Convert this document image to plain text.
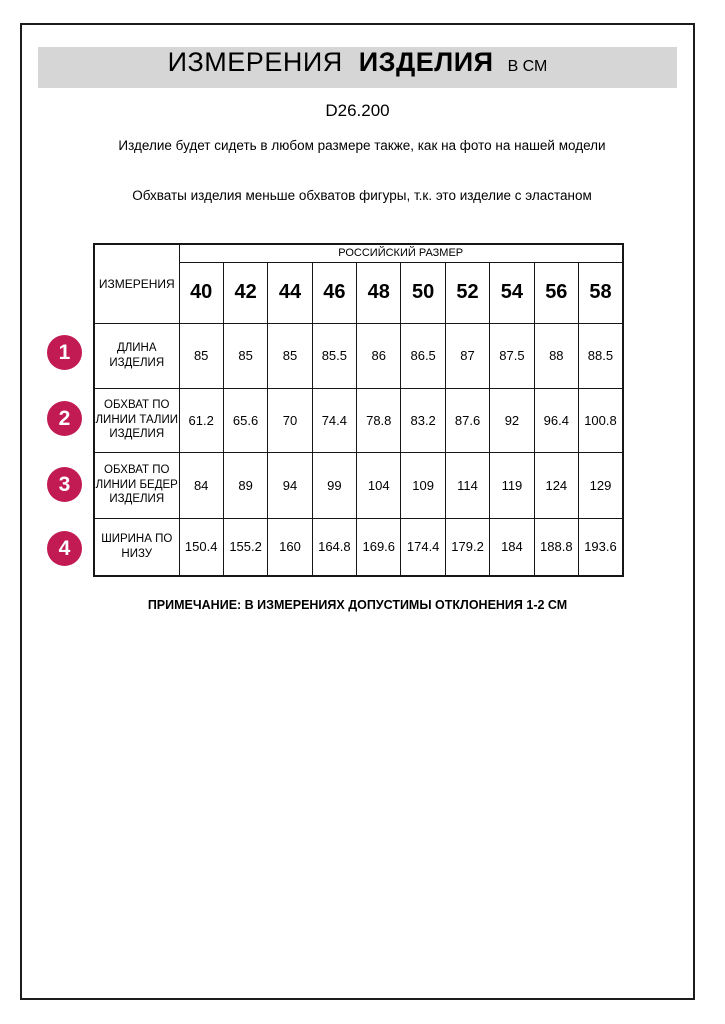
ИЗМЕРЕНИЯ ИЗДЕЛИЯ В СМ
D26.200
Изделие будет сидеть в любом размере также, как на фото на нашей модели
Обхваты изделия меньше обхватов фигуры, т.к. это изделие с эластаном
ИЗМЕРЕНИЯ	РОССИЙСКИЙ РАЗМЕР									
	40	42	44	46	48	50	52	54	56	58
ДЛИНА ИЗДЕЛИЯ	85	85	85	85.5	86	86.5	87	87.5	88	88.5
ОБХВАТ ПО ЛИНИИ ТАЛИИ ИЗДЕЛИЯ	61.2	65.6	70	74.4	78.8	83.2	87.6	92	96.4	100.8
ОБХВАТ ПО ЛИНИИ БЕДЕР ИЗДЕЛИЯ	84	89	94	99	104	109	114	119	124	129
ШИРИНА ПО НИЗУ	150.4	155.2	160	164.8	169.6	174.4	179.2	184	188.8	193.6
1
2
3
4
ПРИМЕЧАНИЕ: В ИЗМЕРЕНИЯХ ДОПУСТИМЫ ОТКЛОНЕНИЯ 1-2 СМ
